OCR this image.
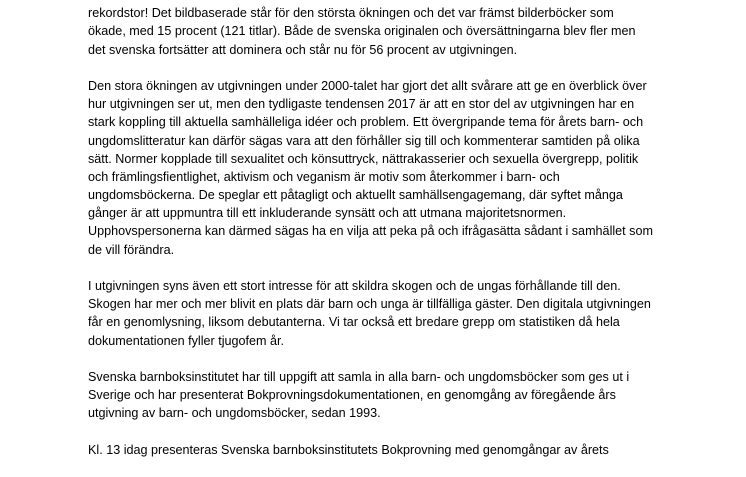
rekordstor! Det bildbaserade står för den största ökningen och det var främst bilderböcker som
ökade, med 15 procent (121 titlar). Både de svenska originalen och översättningarna blev fler men
det svenska fortsätter att dominera och står nu för 56 procent av utgivningen.
Den stora ökningen av utgivningen under 2000-talet har gjort det allt svårare att ge en överblick över
hur utgivningen ser ut, men den tydligaste tendensen 2017 är att en stor del av utgivningen har en
stark koppling till aktuella samhälleliga idéer och problem. Ett övergripande tema för årets barn- och
ungdomslitteratur kan därför sägas vara att den förhåller sig till och kommenterar samtiden på olika
sätt. Normer kopplade till sexualitet och könsuttryck, nättrakasserier och sexuella övergrepp, politik
och främlingsfientlighet, aktivism och veganism är motiv som återkommer i barn- och
ungdomsböckerna. De speglar ett påtagligt och aktuellt samhällsengagemang, där syftet många
gånger är att uppmuntra till ett inkluderande synsätt och att utmana majoritetsnormen.
Upphovspersonerna kan därmed sägas ha en vilja att peka på och ifrågasätta sådant i samhället som
de vill förändra.
I utgivningen syns även ett stort intresse för att skildra skogen och de ungas förhållande till den.
Skogen har mer och mer blivit en plats där barn och unga är tillfälliga gäster. Den digitala utgivningen
får en genomlysning, liksom debutanterna. Vi tar också ett bredare grepp om statistiken då hela
dokumentationen fyller tjugofem år.
Svenska barnboksinstitutet har till uppgift att samla in alla barn- och ungdomsböcker som ges ut i
Sverige och har presenterat Bokprovningsdokumentationen, en genomgång av föregående års
utgivning av barn- och ungdomsböcker, sedan 1993.
Kl. 13 idag presenteras Svenska barnboksinstitutets Bokprovning med genomgångar av årets
